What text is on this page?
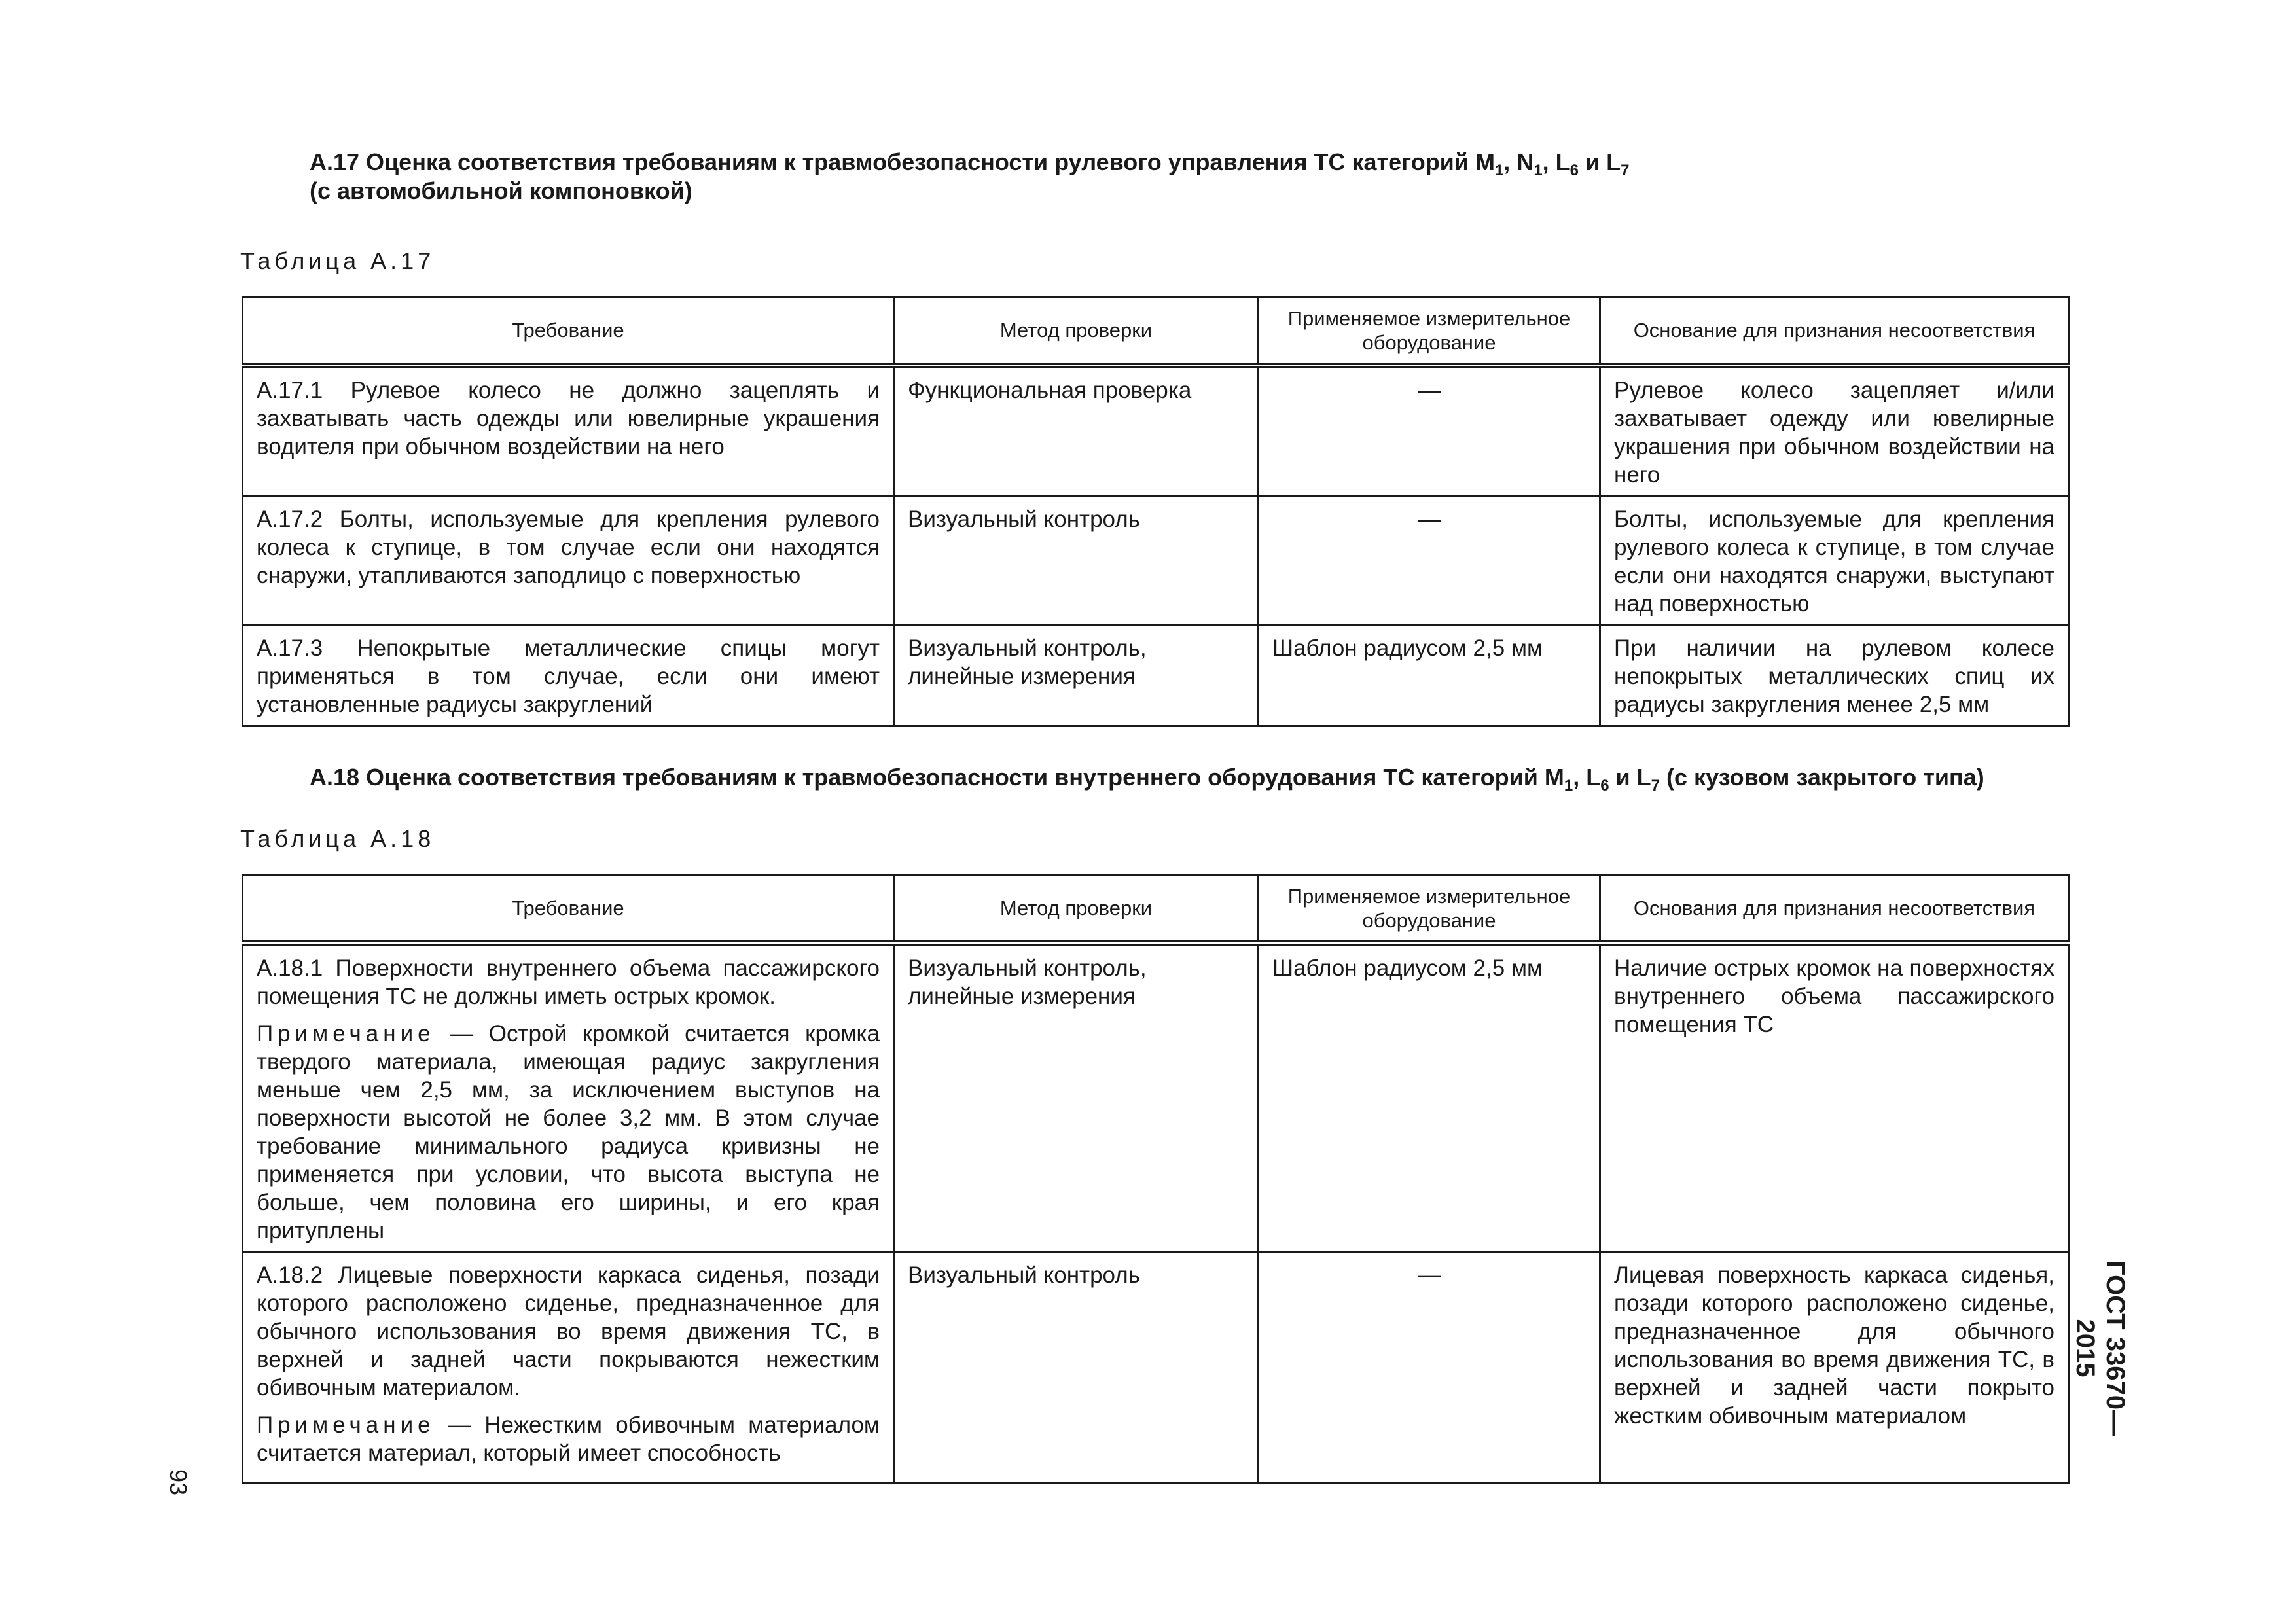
А.17 Оценка соответствия требованиям к травмобезопасности рулевого управления ТС категорий $M_1$, $N_1$, $L_6$ и $L_7$
(с автомобильной компоновкой)
Таблица А.17
Требование	Метод проверки	Применяемое измерительное оборудование	Основание для признания несоответствия
А.17.1 Рулевое колесо не должно зацеплять и захватывать часть одежды или ювелирные украшения водителя при обычном воздействии на него	Функциональная проверка	—	Рулевое колесо зацепляет и/или захватывает одежду или ювелирные украшения при обычном воздействии на него
А.17.2 Болты, используемые для крепления рулевого колеса к ступице, в том случае если они находятся снаружи, утапливаются заподлицо с поверхностью	Визуальный контроль	—	Болты, используемые для крепления рулевого колеса к ступице, в том случае если они находятся снаружи, выступают над поверхностью
А.17.3 Непокрытые металлические спицы могут применяться в том случае, если они имеют установленные радиусы закруглений	Визуальный контроль, линейные измерения	Шаблон радиусом 2,5 мм	При наличии на рулевом колесе непокрытых металлических спиц их радиусы закругления менее 2,5 мм
А.18 Оценка соответствия требованиям к травмобезопасности внутреннего оборудования ТС категорий $M_1$, $L_6$ и $L_7$ (с кузовом закрытого типа)
Таблица А.18
Требование	Метод проверки	Применяемое измерительное оборудование	Основания для признания несоответствия

А.18.1 Поверхности внутреннего объема пассажирского помещения ТС не должны иметь острых кромок.

Примечание — Острой кромкой считается кромка твердого материала, имеющая радиус закругления меньше чем 2,5 мм, за исключением выступов на поверхности высотой не более 3,2 мм. В этом случае требование минимального радиуса кривизны не применяется при условии, что высота выступа не больше, чем половина его ширины, и его края притуплены	Визуальный контроль, линейные измерения	Шаблон радиусом 2,5 мм	Наличие острых кромок на поверхностях внутреннего объема пассажирского помещения ТС

А.18.2 Лицевые поверхности каркаса сиденья, позади которого расположено сиденье, предназначенное для обычного использования во время движения ТС, в верхней и задней части покрываются нежестким обивочным материалом.

Примечание — Нежестким обивочным материалом считается материал, который имеет способность	Визуальный контроль	—	Лицевая поверхность каркаса сиденья, позади которого расположено сиденье, предназначенное для обычного использования во время движения ТС, в верхней и задней части покрыто жестким обивочным материалом	ГОСТ 33670—2015
93
